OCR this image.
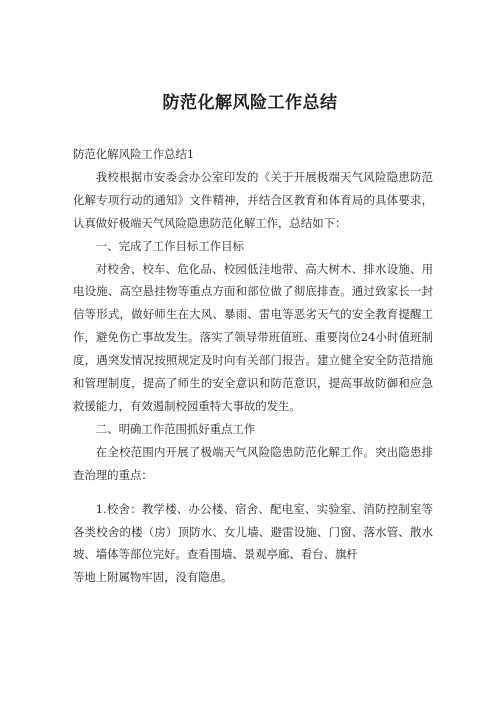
防范化解风险工作总结

防范化解风险工作总结1

我校根据市安委会办公室印发的《关于开展极端天气风险隐患防范化解专项行动的通知》文件精神，并结合区教育和体育局的具体要求，认真做好极端天气风险隐患防范化解工作，总结如下：

一、完成了工作目标工作目标

对校舍、校车、危化品、校园低洼地带、高大树木、排水设施、用电设施、高空悬挂物等重点方面和部位做了彻底排查。通过致家长一封信等形式，做好师生在大风、暴雨、雷电等恶劣天气的安全教育提醒工作，避免伤亡事故发生。落实了领导带班值班、重要岗位24小时值班制度，遇突发情况按照规定及时向有关部门报告。建立健全安全防范措施和管理制度，提高了师生的安全意识和防范意识，提高事故防御和应急救援能力，有效遏制校园重特大事故的发生。

二、明确工作范围抓好重点工作

在全校范围内开展了极端天气风险隐患防范化解工作。突出隐患排查治理的重点：

1.校舍：教学楼、办公楼、宿舍、配电室、实验室、消防控制室等各类校舍的楼（房）顶防水、女儿墙、避雷设施、门窗、落水管、散水坡、墙体等部位完好。查看围墙、景观亭廊、看台、旗杆

等地上附属物牢固，没有隐患。
